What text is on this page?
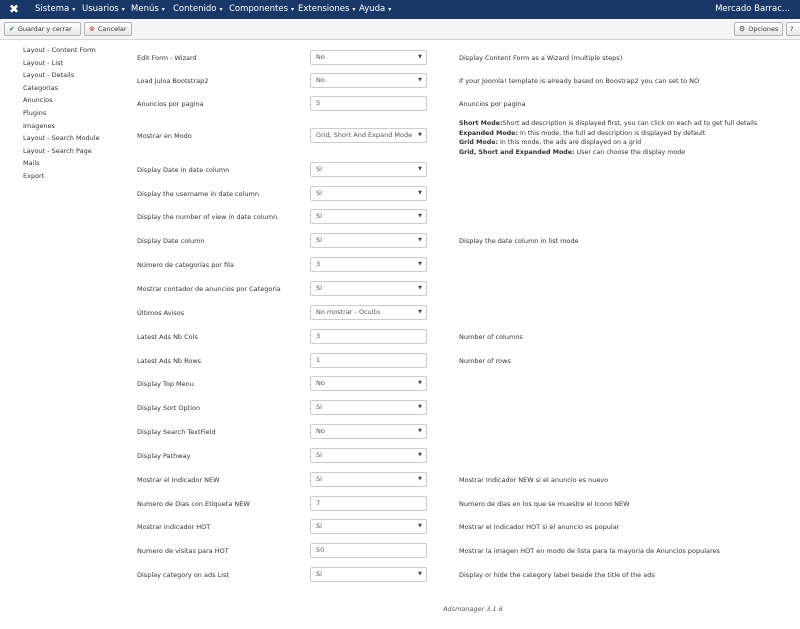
✖	Sistema ▾ Usuarios ▾ Menús ▾ Contenido ▾ Componentes ▾ Extensiones ▾ Ayuda ▾	Mercado Barrac...
✔ Guardar y cerrar	⊗ Cancelar	⚙ Opciones	?
Layout - Content Form
Layout - List
Layout - Details
Categorias
Anuncios
Plugins
Imagenes
Layout - Search Module
Layout - Search Page
Mails
Export
Edit Form - Wizard	No	▼	Display Content Form as a Wizard (multiple steps)
Load Juloa Bootstrap2	No	▼	If your Joomla! template is already based on Boostrap2 you can set to NO
Anuncios por pagina	5	Anuncios por pagina
Mostrar en Modo	Grid, Short And Expand Mode ▼
Short Mode:Short ad description is displayed first, you can click on each ad to get full details
Expanded Mode: In this mode, the full ad description is displayed by default
Grid Mode: In this mode, the ads are displayed on a grid
Grid, Short and Expanded Mode: User can choose the display mode
Display Date in date column	Sí	▼
Display the username in date column	Sí	▼
Display the number of view in date column	Sí	▼
Display Date column	Sí	▼	Display the date column in list mode
Número de categorías por fila	3	▼
Mostrar contador de anuncios por Categoria	Sí	▼
Últimos Avisos	No mostrar - Oculto	▼
Latest Ads Nb Cols	3	Number of columns
Latest Ads Nb Rows	1	Number of rows
Display Top Menu	No	▼
Display Sort Option	Sí	▼
Display Search TextField	No	▼
Display Pathway	Sí	▼
Mostrar el Indicador NEW	Sí	▼	Mostrar Indicador NEW si el anuncio es nuevo
Numero de Dias con Etiqueta NEW	7	Numero de dias en los que se muestre el Icono NEW
Mostrar Indicador HOT	Sí	▼	Mostrar el Indicador HOT si el anuncio es popular
Numero de visitas para HOT	50	Mostrar la imagen HOT en modo de lista para la mayoria de Anuncios populares
Display category on ads List	Sí	▼	Display or hide the category label beside the title of the ads
Adsmanager 3.1.6
